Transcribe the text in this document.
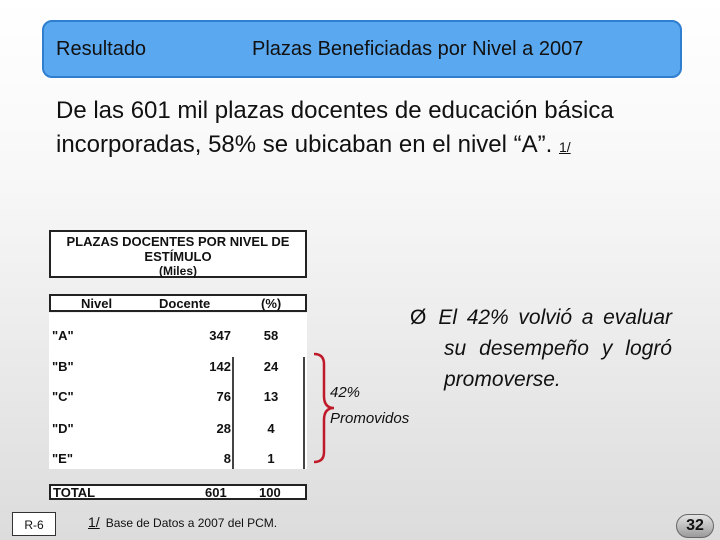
Resultado	Plazas Beneficiadas por Nivel a 2007
De las 601 mil plazas docentes de educación básica incorporadas, 58% se ubicaban en el nivel “A”. 1/
PLAZAS DOCENTES POR NIVEL DE ESTÍMULO
(Miles)
Nivel	Docente	(%)
"A"	347	58
"B"	142	24
"C"	76	13
"D"	28	4
"E"	8	1
TOTAL	601 100
42%
Promovidos
Ø El 42% volvió a evaluar su desempeño y logró promoverse.
R-6	1/ Base de Datos a 2007 del PCM.	32
